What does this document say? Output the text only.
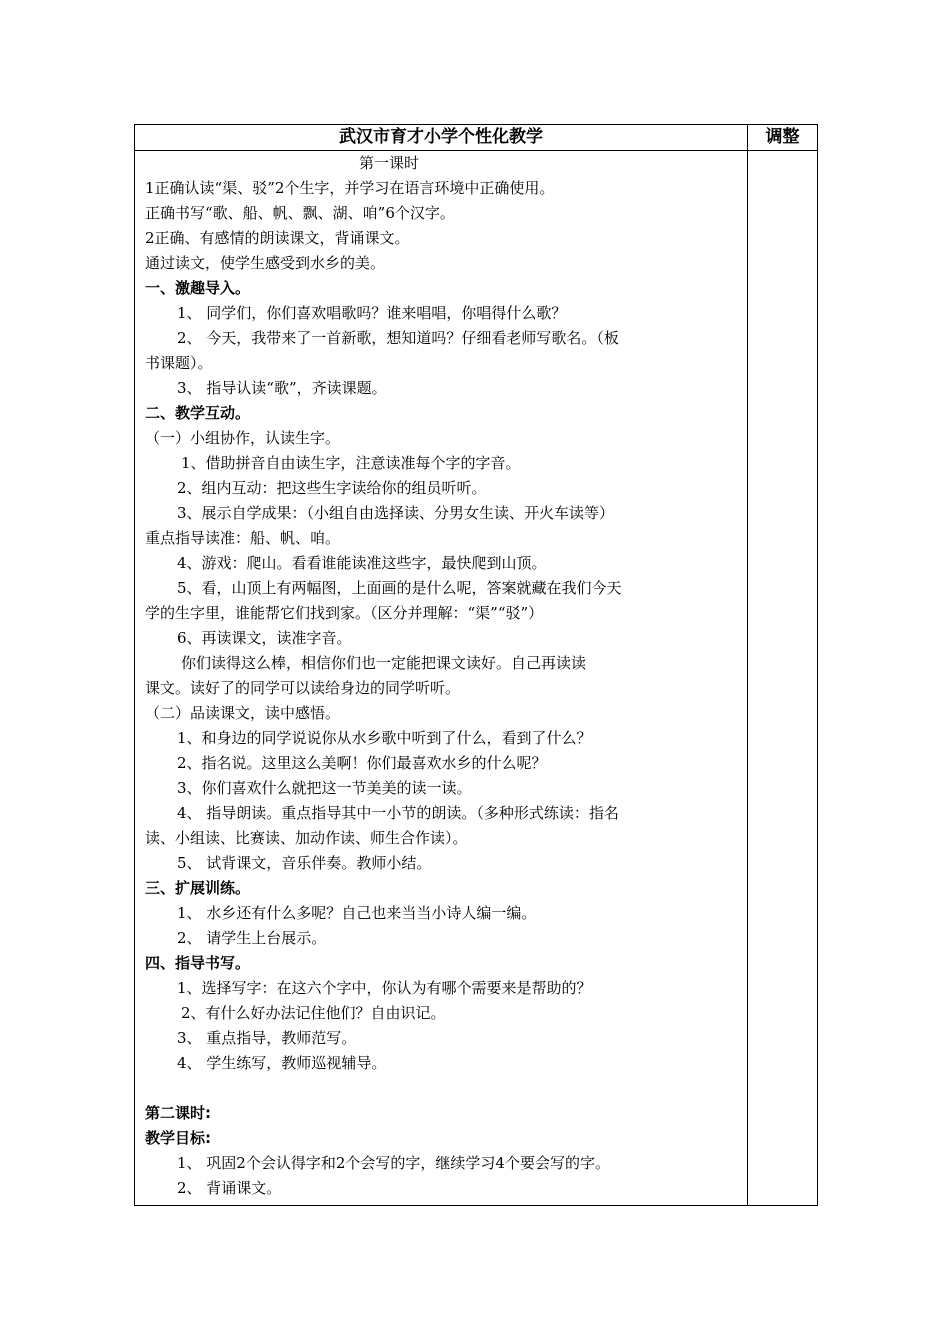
武汉市育才小学个性化教学	调整
第一课时
1正确认读“渠、驳”2个生字，并学习在语言环境中正确使用。
正确书写“歌、船、帆、飘、湖、咱”6个汉字。
2正确、有感情的朗读课文，背诵课文。
通过读文，使学生感受到水乡的美。
一、激趣导入。
1、 同学们，你们喜欢唱歌吗？谁来唱唱，你唱得什么歌？
2、 今天，我带来了一首新歌，想知道吗？仔细看老师写歌名。（板
书课题）。
3、 指导认读“歌”，齐读课题。
二、教学互动。
（一）小组协作，认读生字。
1、借助拼音自由读生字，注意读准每个字的字音。
2、组内互动：把这些生字读给你的组员听听。
3、展示自学成果：（小组自由选择读、分男女生读、开火车读等）
重点指导读准：船、帆、咱。
4、游戏：爬山。看看谁能读准这些字，最快爬到山顶。
5、看，山顶上有两幅图，上面画的是什么呢，答案就藏在我们今天
学的生字里，谁能帮它们找到家。（区分并理解：“渠”“驳”）
6、再读课文，读准字音。
你们读得这么棒，相信你们也一定能把课文读好。自己再读读
课文。读好了的同学可以读给身边的同学听听。
（二）品读课文，读中感悟。
1、和身边的同学说说你从水乡歌中听到了什么，看到了什么？
2、指名说。这里这么美啊！你们最喜欢水乡的什么呢？
3、你们喜欢什么就把这一节美美的读一读。
4、 指导朗读。重点指导其中一小节的朗读。（多种形式练读：指名
读、小组读、比赛读、加动作读、师生合作读）。
5、 试背课文，音乐伴奏。教师小结。
三、扩展训练。
1、 水乡还有什么多呢？自己也来当当小诗人编一编。
2、 请学生上台展示。
四、指导书写。
1、选择写字：在这六个字中，你认为有哪个需要来是帮助的？
2、有什么好办法记住他们？自由识记。
3、 重点指导，教师范写。
4、 学生练写，教师巡视辅导。
第二课时:
教学目标:
1、 巩固2个会认得字和2个会写的字，继续学习4个要会写的字。
2、 背诵课文。
